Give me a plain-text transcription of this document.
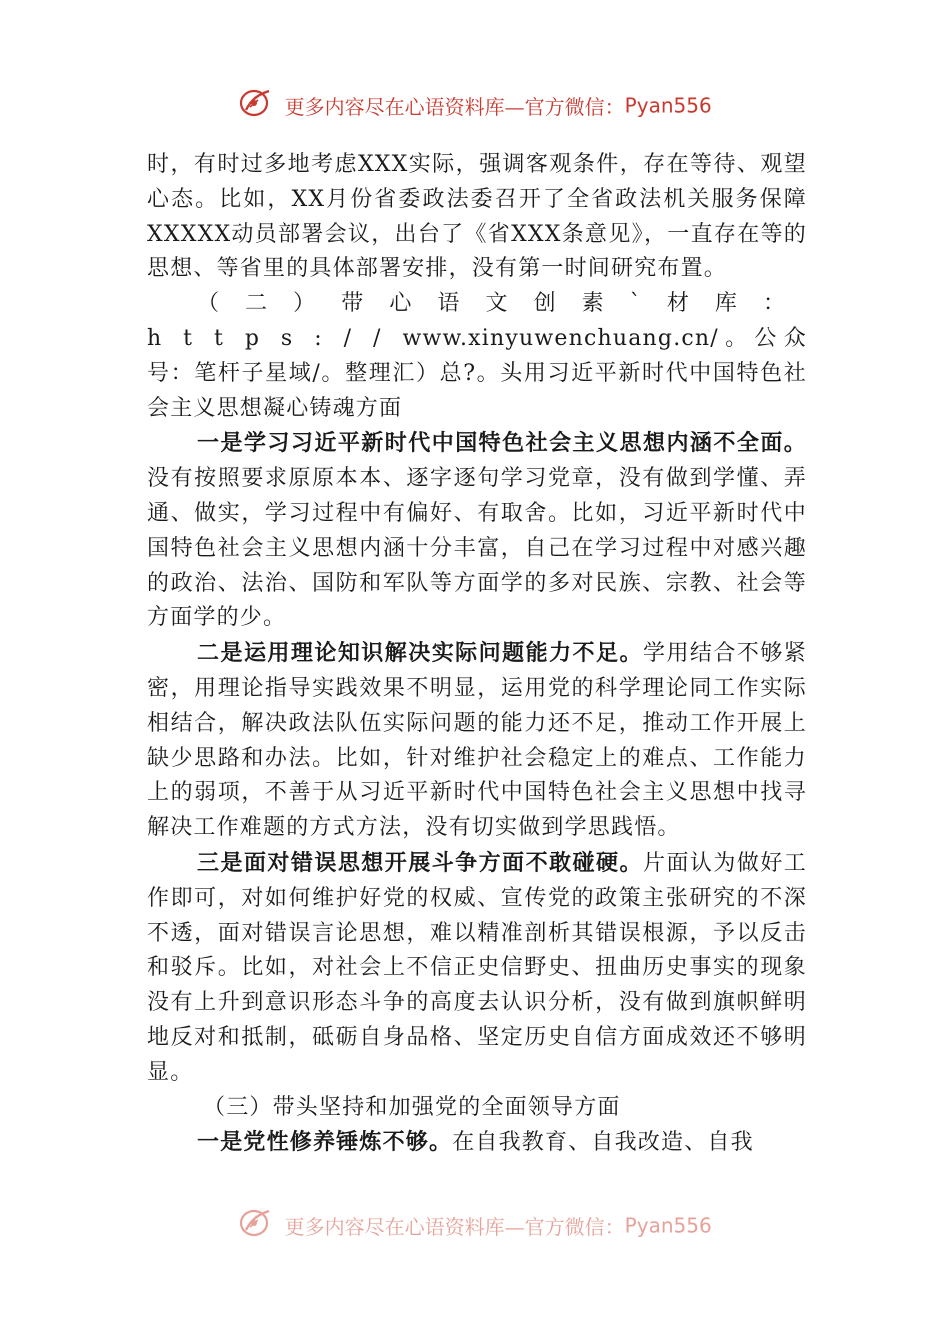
更多内容尽在心语资料库—官方微信：Pyan556

时，有时过多地考虑XXX实际，强调客观条件，存在等待、观望心态。比如，XX月份省委政法委召开了全省政法机关服务保障XXXXX动员部署会议，出台了《省XXX条意见》，一直存在等的思想、等省里的具体部署安排，没有第一时间研究布置。

（二）带心语文创素`材库：https://www.xinyuwenchuang.cn/。公众号：笔杆子星域/。整理汇）总?。头用习近平新时代中国特色社会主义思想凝心铸魂方面

一是学习习近平新时代中国特色社会主义思想内涵不全面。没有按照要求原原本本、逐字逐句学习党章，没有做到学懂、弄通、做实，学习过程中有偏好、有取舍。比如，习近平新时代中国特色社会主义思想内涵十分丰富，自己在学习过程中对感兴趣的政治、法治、国防和军队等方面学的多对民族、宗教、社会等方面学的少。

二是运用理论知识解决实际问题能力不足。学用结合不够紧密，用理论指导实践效果不明显，运用党的科学理论同工作实际相结合，解决政法队伍实际问题的能力还不足，推动工作开展上缺少思路和办法。比如，针对维护社会稳定上的难点、工作能力上的弱项，不善于从习近平新时代中国特色社会主义思想中找寻解决工作难题的方式方法，没有切实做到学思践悟。

三是面对错误思想开展斗争方面不敢碰硬。片面认为做好工作即可，对如何维护好党的权威、宣传党的政策主张研究的不深不透，面对错误言论思想，难以精准剖析其错误根源，予以反击和驳斥。比如，对社会上不信正史信野史、扭曲历史事实的现象没有上升到意识形态斗争的高度去认识分析，没有做到旗帜鲜明地反对和抵制，砥砺自身品格、坚定历史自信方面成效还不够明显。

（三）带头坚持和加强党的全面领导方面

一是党性修养锤炼不够。在自我教育、自我改造、自我

更多内容尽在心语资料库—官方微信：Pyan556
